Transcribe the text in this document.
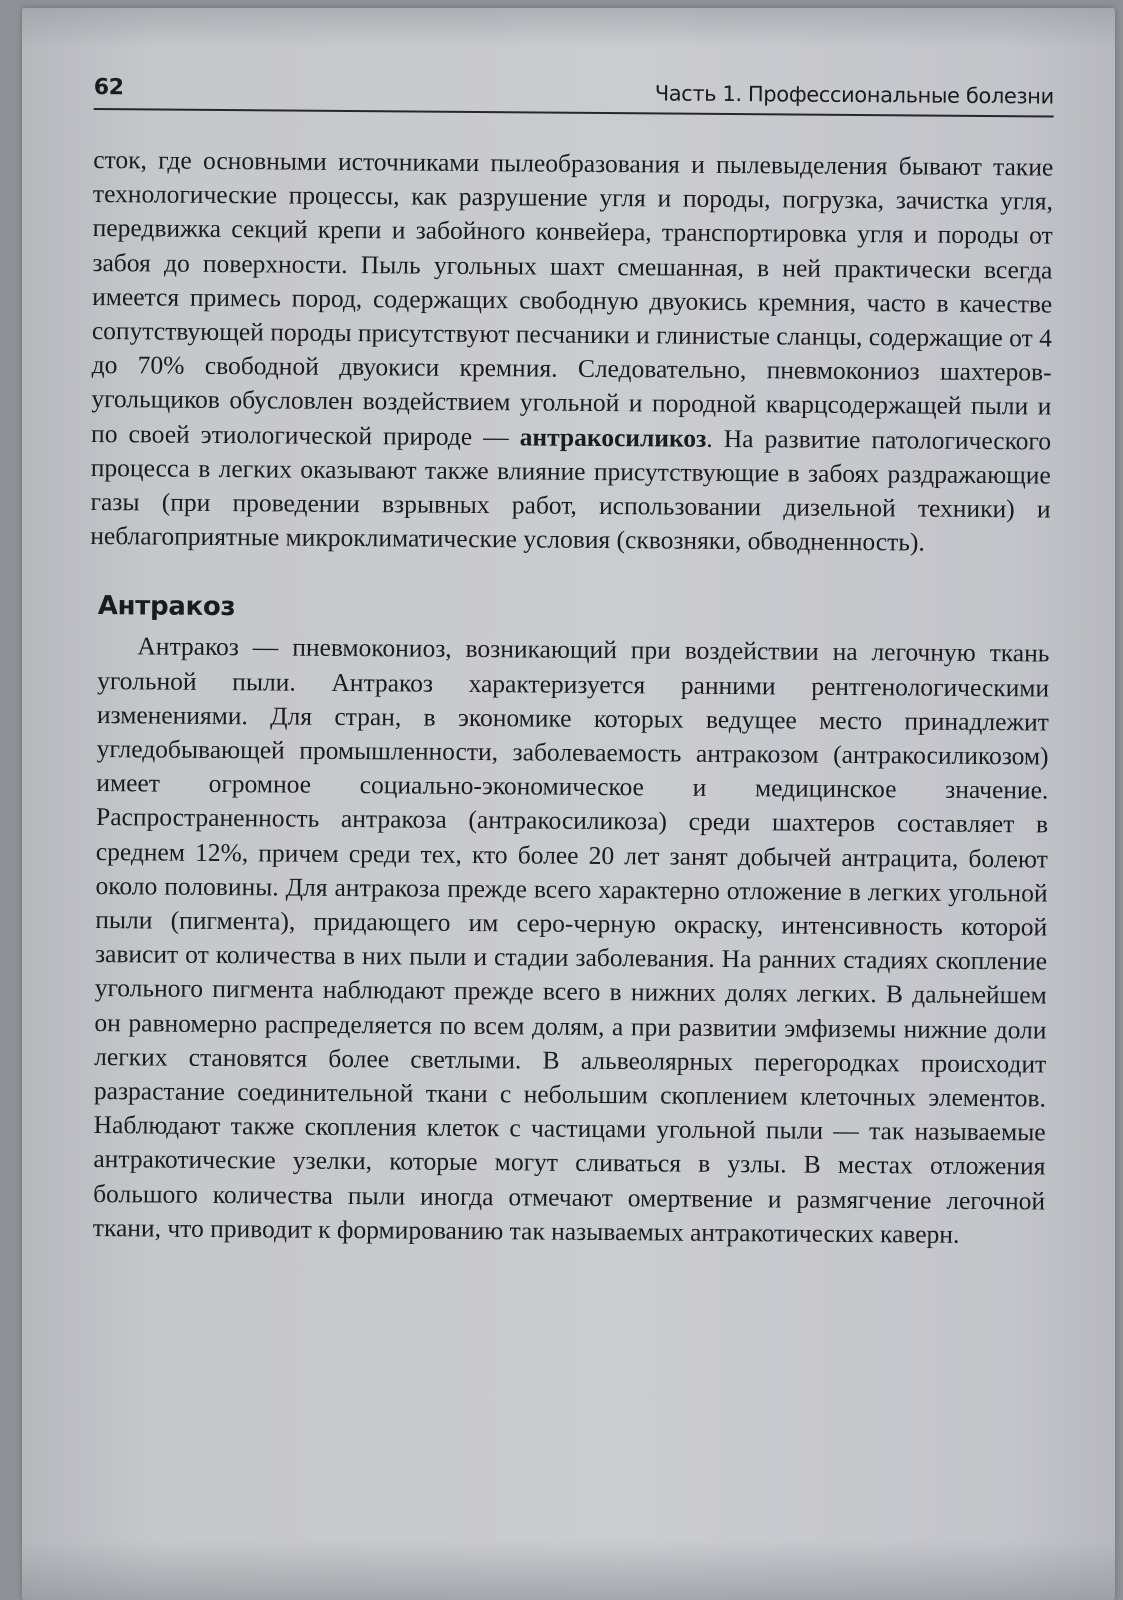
62	Часть 1. Профессиональные болезни

сток, где основными источниками пылеобразования и пылевыделения бывают такие технологические процессы, как разрушение угля и породы, погрузка, зачистка угля, передвижка секций крепи и забойного конвейера, транспортировка угля и породы от забоя до поверхности. Пыль угольных шахт смешанная, в ней практически всегда имеется примесь пород, содержащих свободную двуокись кремния, часто в качестве сопутствующей породы присутствуют песчаники и глинистые сланцы, содержащие от 4 до 70% свободной двуокиси кремния. Следовательно, пневмокониоз шахтеров-угольщиков обусловлен воздействием угольной и породной кварцсодержащей пыли и по своей этиологической природе — антракосиликоз. На развитие патологического процесса в легких оказывают также влияние присутствующие в забоях раздражающие газы (при проведении взрывных работ, использовании дизельной техники) и неблагоприятные микроклиматические условия (сквозняки, обводненность).

Антракоз

Антракоз — пневмокониоз, возникающий при воздействии на легочную ткань угольной пыли. Антракоз характеризуется ранними рентгенологическими изменениями. Для стран, в экономике которых ведущее место принадлежит угледобывающей промышленности, заболеваемость антракозом (антракосиликозом) имеет огромное социально-экономическое и медицинское значение. Распространенность антракоза (антракосиликоза) среди шахтеров составляет в среднем 12%, причем среди тех, кто более 20 лет занят добычей антрацита, болеют около половины. Для антракоза прежде всего характерно отложение в легких угольной пыли (пигмента), придающего им серо-черную окраску, интенсивность которой зависит от количества в них пыли и стадии заболевания. На ранних стадиях скопление угольного пигмента наблюдают прежде всего в нижних долях легких. В дальнейшем он равномерно распределяется по всем долям, а при развитии эмфиземы нижние доли легких становятся более светлыми. В альвеолярных перегородках происходит разрастание соединительной ткани с небольшим скоплением клеточных элементов. Наблюдают также скопления клеток с частицами угольной пыли — так называемые антракотические узелки, которые могут сливаться в узлы. В местах отложения большого количества пыли иногда отмечают омертвение и размягчение легочной ткани, что приводит к формированию так называемых антракотических каверн.
